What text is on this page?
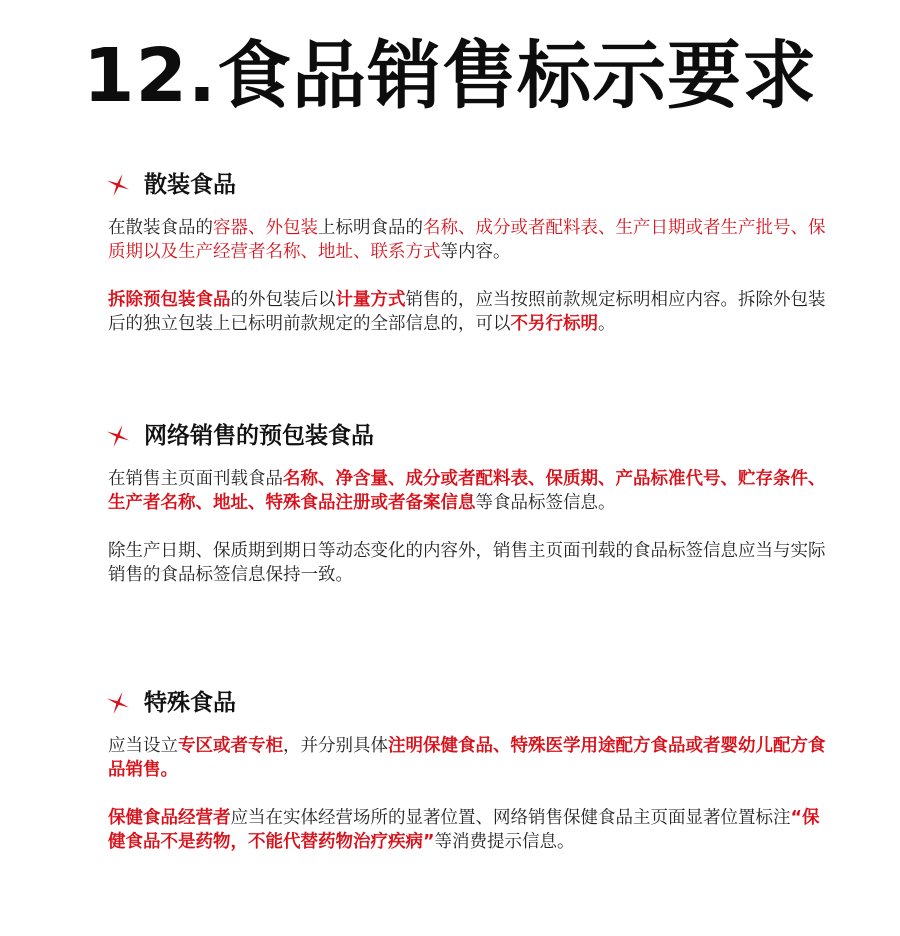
12.食品销售标示要求
散装食品

在散装食品的容器、外包装上标明食品的名称、成分或者配料表、生产日期或者生产批号、保质期以及生产经营者名称、地址、联系方式等内容。

拆除预包装食品的外包装后以计量方式销售的，应当按照前款规定标明相应内容。拆除外包装后的独立包装上已标明前款规定的全部信息的，可以不另行标明。

网络销售的预包装食品

在销售主页面刊载食品名称、净含量、成分或者配料表、保质期、产品标准代号、贮存条件、生产者名称、地址、特殊食品注册或者备案信息等食品标签信息。

除生产日期、保质期到期日等动态变化的内容外，销售主页面刊载的食品标签信息应当与实际销售的食品标签信息保持一致。

特殊食品

应当设立专区或者专柜，并分别具体注明保健食品、特殊医学用途配方食品或者婴幼儿配方食品销售。

保健食品经营者应当在实体经营场所的显著位置、网络销售保健食品主页面显著位置标注“保健食品不是药物，不能代替药物治疗疾病”等消费提示信息。
